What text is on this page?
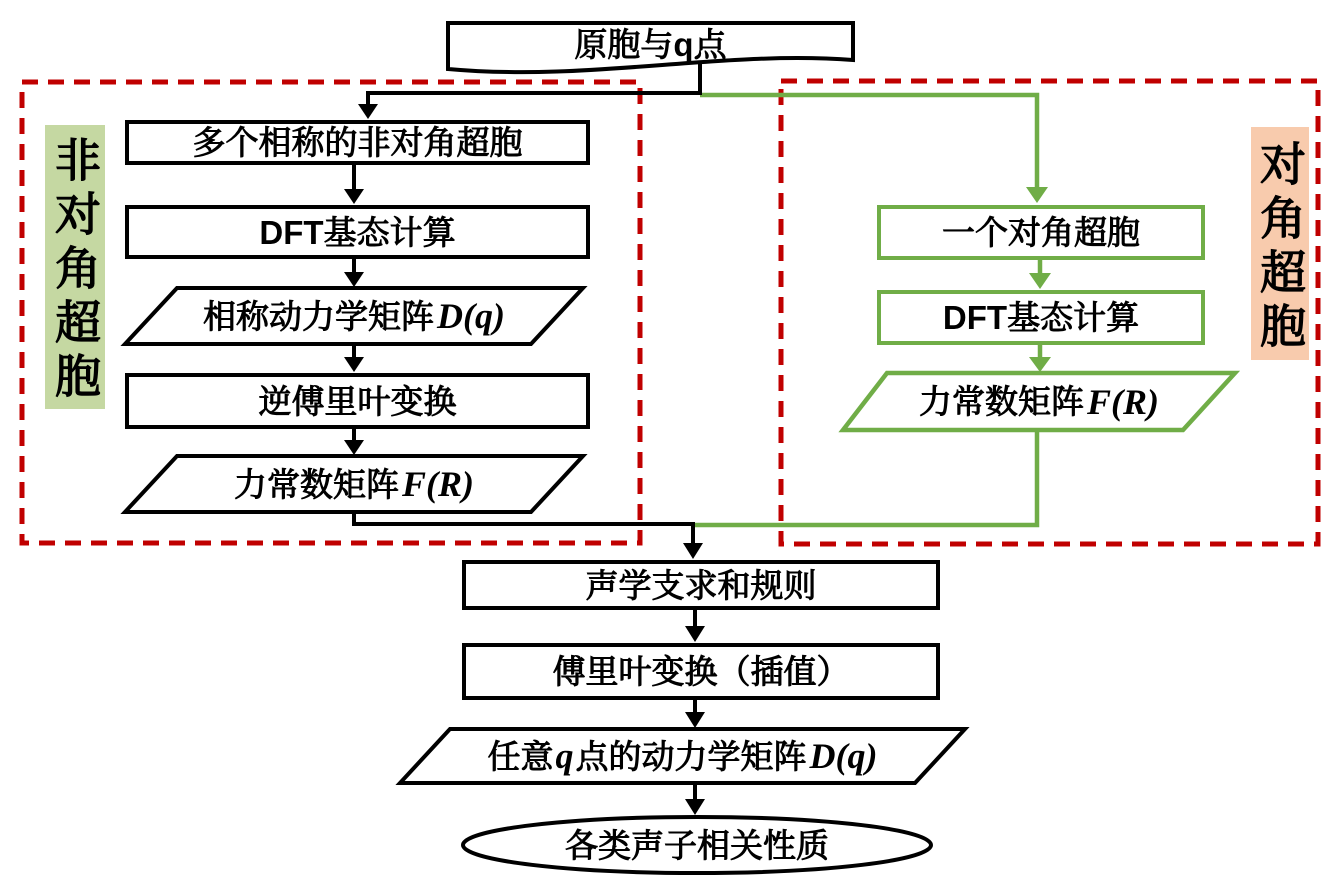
非对角超胞	对角超胞
原胞与q点
多个相称的非对角超胞
DFT基态计算
相称动力学矩阵 D(q)
逆傅里叶变换
力常数矩阵 F(R)
一个对角超胞
DFT基态计算
力常数矩阵 F(R)
声学支求和规则
傅里叶变换（插值）
任意 q 点的动力学矩阵 D(q)
各类声子相关性质
